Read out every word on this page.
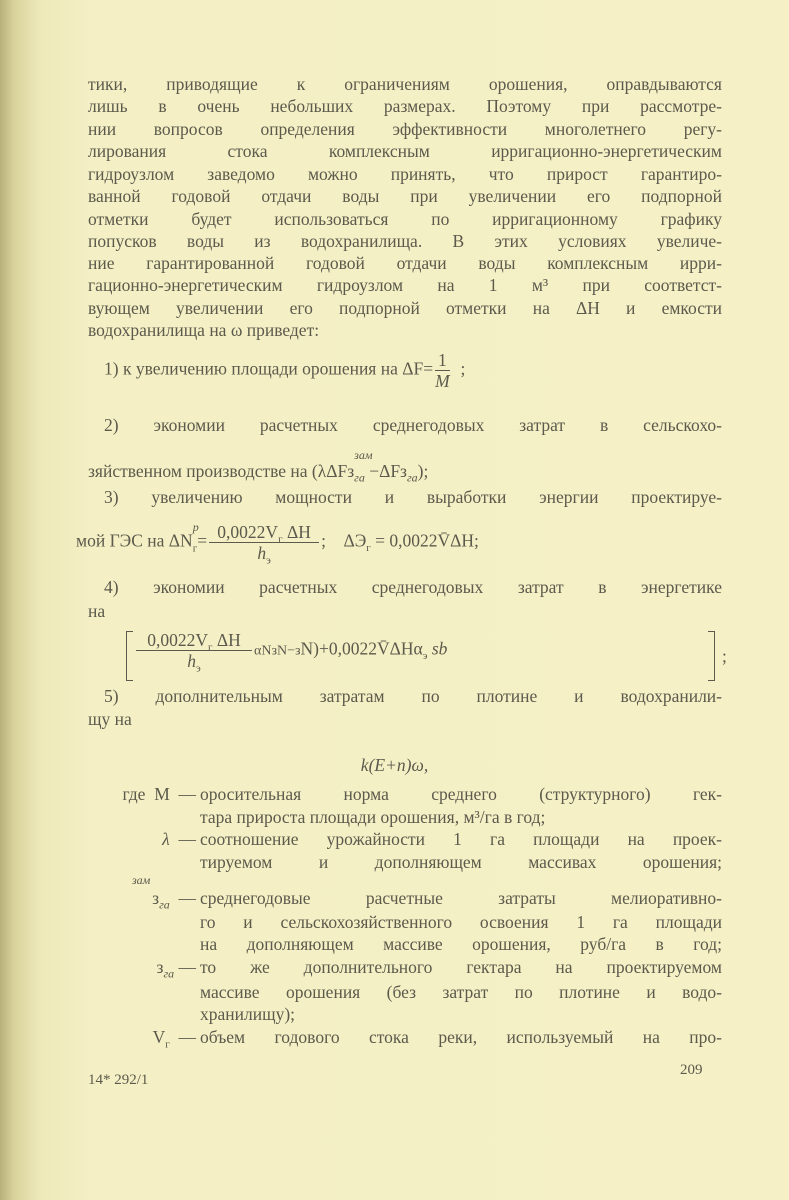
тики, приводящие к ограничениям орошения, оправдываются
лишь в очень небольших размерах. Поэтому при рассмотре-
нии вопросов определения эффективности многолетнего регу-
лирования стока комплексным ирригационно-энергетическим
гидроузлом заведомо можно принять, что прирост гарантиро-
ванной годовой отдачи воды при увеличении его подпорной
отметки будет использоваться по ирригационному графику
попусков воды из водохранилища. В этих условиях увеличе-
ние гарантированной годовой отдачи воды комплексным ирри-
гационно-энергетическим гидроузлом на 1 м³ при соответст-
вующем увеличении его подпорной отметки на ΔH и емкости
водохранилища на ω приведет:
1) к увеличению площади орошения на $\Delta F= \frac{1}{M}$ ;
2) экономии расчетных среднегодовых затрат в сельскохо-
зяйственном производстве на (λΔFз$_{га}$
зам
−ΔFз$_{га}$);
3) увеличению мощности и выработки энергии проектируе-
мой ГЭС на $\Delta N_г$
р
= $\frac{0,0022V_г \Delta H}{h_э}$ ; $\Delta Э_г$ = 0,0022V̄ΔH;
4) экономии расчетных среднегодовых затрат в энергетике
на
$\frac{0,0022V_г \Delta H}{h_э}$ αNзN−зN)+0,0022V̄ΔHα$_э$ sb	;
5) дополнительным затратам по плотине и водохранили-
щу на
k(E+n)ω,
где M — оросительная норма среднего (структурного) гек-
тара прироста площади орошения, м³/га в год;
λ — соотношение урожайности 1 га площади на проек-
тируемом и дополняющем массивах орошения;
зам
$з_{га}$ — среднегодовые расчетные затраты мелиоративно-
го и сельскохозяйственного освоения 1 га площади
на дополняющем массиве орошения, руб/га в год;
$з_{га}$ — то же дополнительного гектара на проектируемом
массиве орошения (без затрат по плотине и водо-
хранилищу);
$V_г$ — объем годового стока реки, используемый на про-
14* 292/1
209
